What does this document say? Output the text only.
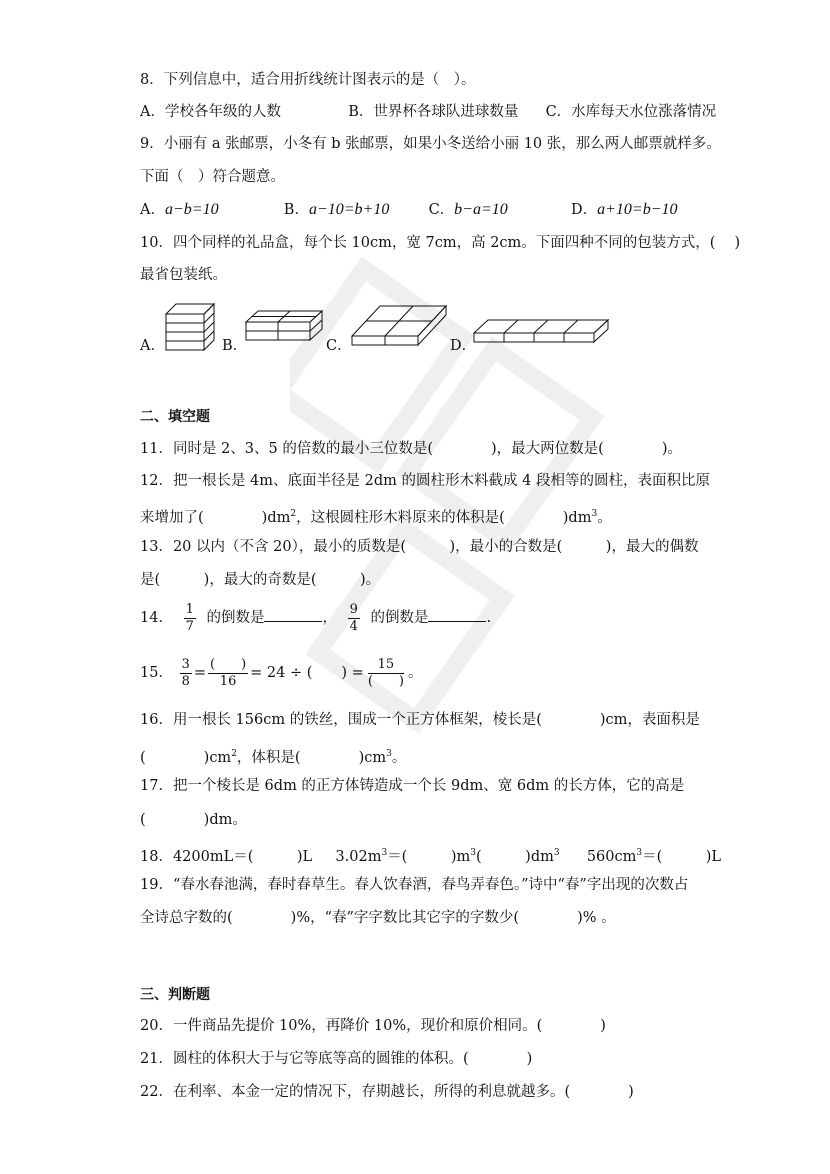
8．下列信息中，适合用折线统计图表示的是（　）。
A．学校各年级的人数	B．世界杯各球队进球数量 C．水库每天水位涨落情况
9．小丽有 a 张邮票，小冬有 b 张邮票，如果小冬送给小丽 10 张，那么两人邮票就样多。
下面（　）符合题意。
A．a−b=10	B．a−10=b+10	C．b−a=10	D．a+10=b−10
10．四个同样的礼品盒，每个长 10cm，宽 7cm，高 2cm。下面四种不同的包装方式，(　 )
最省包装纸。
A．	B．	C．	D．
二、填空题
11．同时是 2、3、5 的倍数的最小三位数是(　　　　)，最大两位数是(　　　　)。
12．把一根长是 4m、底面半径是 2dm 的圆柱形木料截成 4 段相等的圆柱，表面积比原
来增加了(　　　　)$dm^2$，这根圆柱形木料原来的体积是(　　　　)$dm^3$。
13．20 以内（不含 20），最小的质数是(　　　)，最小的合数是(　　　)，最大的偶数
是(　　　)，最大的奇数是(　　　)。
14． $\frac{1}{7}$ 的倒数是	， $\frac{9}{4}$ 的倒数是	.
15． $\frac{3}{8} = \frac{( )}{16} = 24$ ÷ (　　) = $\frac{15}{( )}$ 。
16．用一根长 156cm 的铁丝，围成一个正方体框架，棱长是(　　　　)cm，表面积是
(　　　　)$cm^2$，体积是(　　　　)$cm^3$。
17．把一个棱长是 6dm 的正方体铸造成一个长 9dm、宽 6dm 的长方体，它的高是
(　　　　)dm。
18．4200mL＝(　　　)L $3.02m^3=$(　　　)$m^3$(　　　)$dm^3$ $560cm^3=$(　　　)L
19．“春水春池满，春时春草生。春人饮春酒，春鸟弄春色。”诗中“春”字出现的次数占
全诗总字数的(　　　　)%，“春”字字数比其它字的字数少(　　　　)% 。
三、判断题
20．一件商品先提价 10%，再降价 10%，现价和原价相同。(　　　　)
21．圆柱的体积大于与它等底等高的圆锥的体积。(　　　　)
22．在利率、本金一定的情况下，存期越长，所得的利息就越多。(　　　　)
